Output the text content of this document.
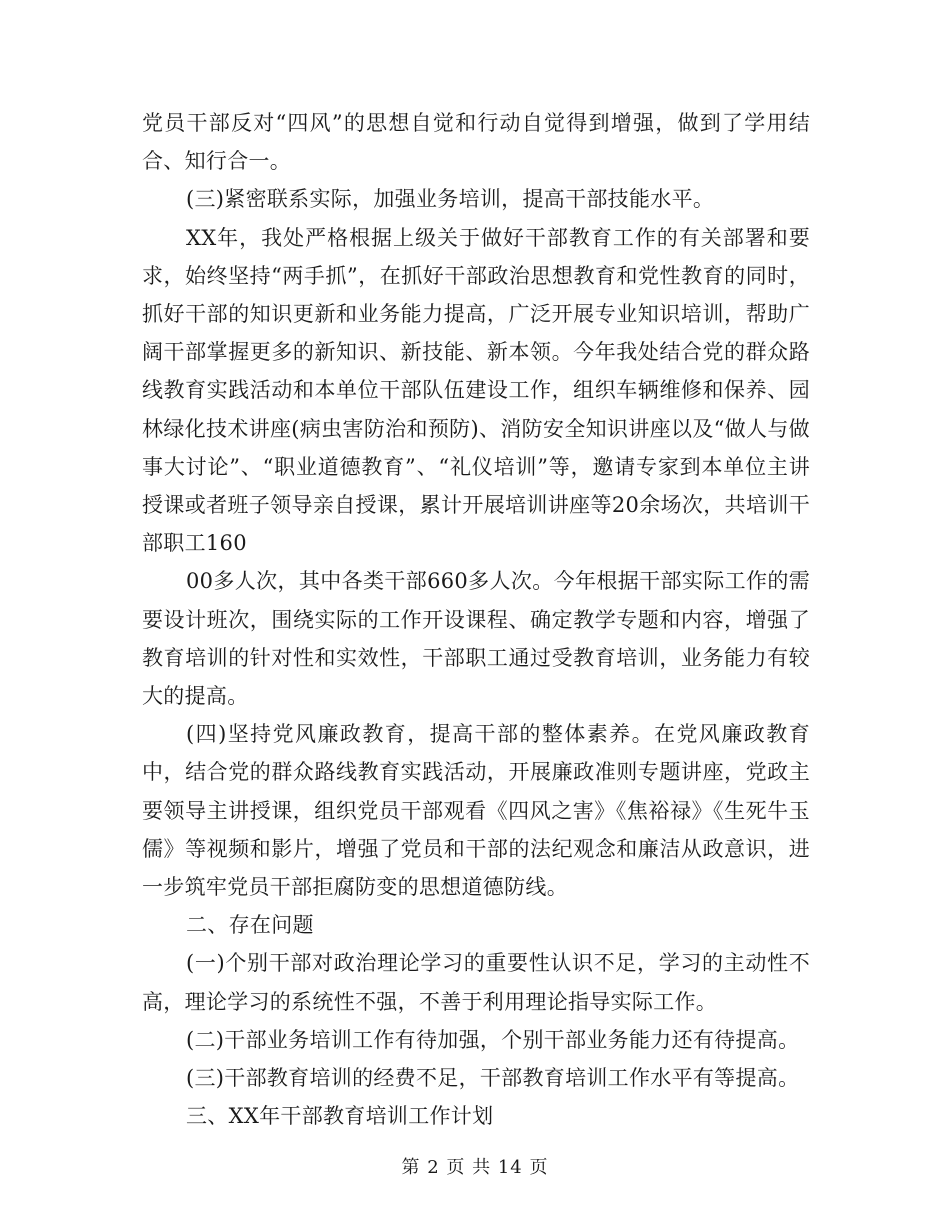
党员干部反对“四风”的思想自觉和行动自觉得到增强，做到了学用结合、知行合一。

(三)紧密联系实际，加强业务培训，提高干部技能水平。

XX年，我处严格根据上级关于做好干部教育工作的有关部署和要求，始终坚持“两手抓”，在抓好干部政治思想教育和党性教育的同时，抓好干部的知识更新和业务能力提高，广泛开展专业知识培训，帮助广阔干部掌握更多的新知识、新技能、新本领。今年我处结合党的群众路线教育实践活动和本单位干部队伍建设工作，组织车辆维修和保养、园林绿化技术讲座(病虫害防治和预防)、消防安全知识讲座以及“做人与做事大讨论”、“职业道德教育”、“礼仪培训”等，邀请专家到本单位主讲授课或者班子领导亲自授课，累计开展培训讲座等20余场次，共培训干部职工160

00多人次，其中各类干部660多人次。今年根据干部实际工作的需要设计班次，围绕实际的工作开设课程、确定教学专题和内容，增强了教育培训的针对性和实效性，干部职工通过受教育培训，业务能力有较大的提高。

(四)坚持党风廉政教育，提高干部的整体素养。在党风廉政教育中，结合党的群众路线教育实践活动，开展廉政准则专题讲座，党政主要领导主讲授课，组织党员干部观看《四风之害》《焦裕禄》《生死牛玉儒》等视频和影片，增强了党员和干部的法纪观念和廉洁从政意识，进一步筑牢党员干部拒腐防变的思想道德防线。

二、存在问题

(一)个别干部对政治理论学习的重要性认识不足，学习的主动性不高，理论学习的系统性不强，不善于利用理论指导实际工作。

(二)干部业务培训工作有待加强，个别干部业务能力还有待提高。

(三)干部教育培训的经费不足，干部教育培训工作水平有等提高。

三、XX年干部教育培训工作计划

第 2 页 共 14 页
